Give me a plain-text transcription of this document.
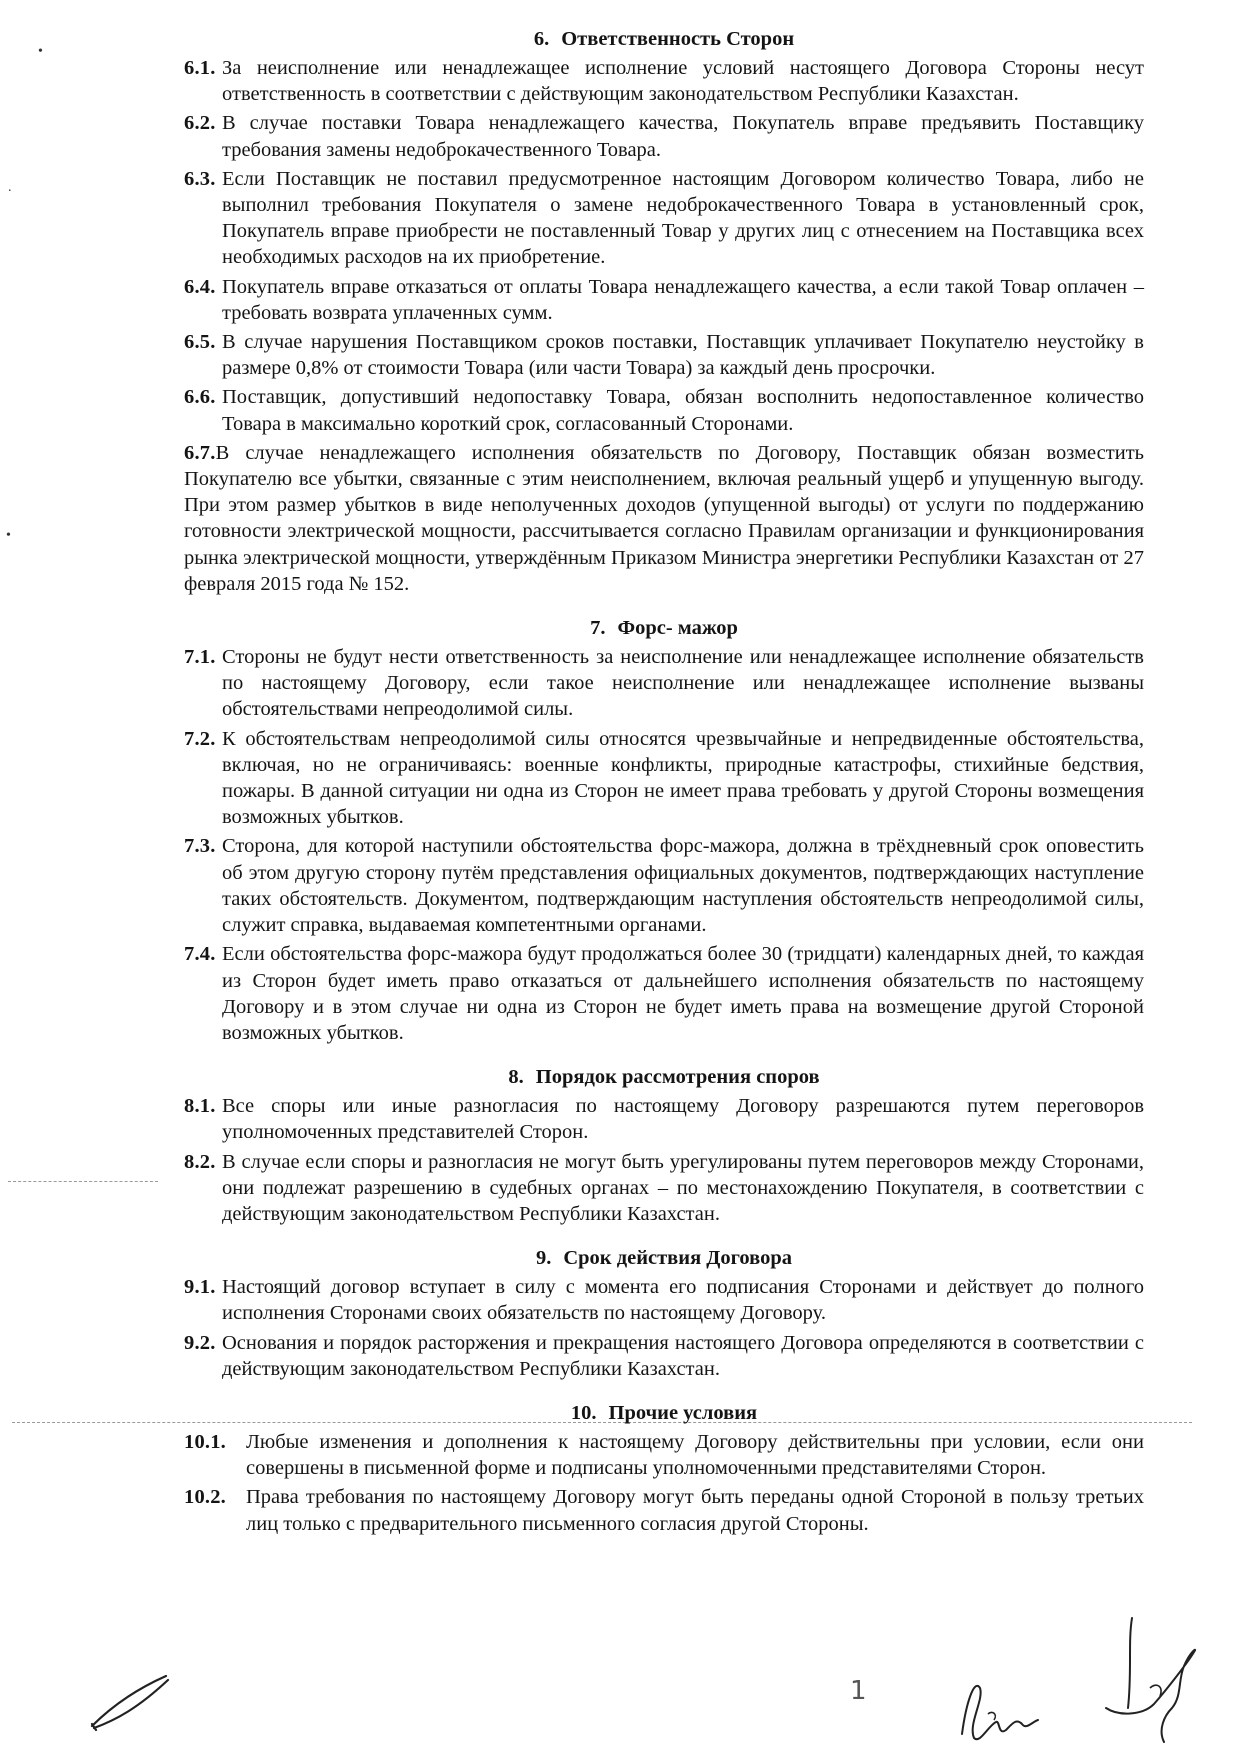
•
.
•
6. Ответственность Сторон
6.1. За неисполнение или ненадлежащее исполнение условий настоящего Договора Стороны несут ответственность в соответствии с действующим законодательством Республики Казахстан.
6.2. В случае поставки Товара ненадлежащего качества, Покупатель вправе предъявить Поставщику требования замены недоброкачественного Товара.
6.3. Если Поставщик не поставил предусмотренное настоящим Договором количество Товара, либо не выполнил требования Покупателя о замене недоброкачественного Товара в установленный срок, Покупатель вправе приобрести не поставленный Товар у других лиц с отнесением на Поставщика всех необходимых расходов на их приобретение.
6.4. Покупатель вправе отказаться от оплаты Товара ненадлежащего качества, а если такой Товар оплачен – требовать возврата уплаченных сумм.
6.5. В случае нарушения Поставщиком сроков поставки, Поставщик уплачивает Покупателю неустойку в размере 0,8% от стоимости Товара (или части Товара) за каждый день просрочки.
6.6. Поставщик, допустивший недопоставку Товара, обязан восполнить недопоставленное количество Товара в максимально короткий срок, согласованный Сторонами.
6.7.В случае ненадлежащего исполнения обязательств по Договору, Поставщик обязан возместить Покупателю все убытки, связанные с этим неисполнением, включая реальный ущерб и упущенную выгоду. При этом размер убытков в виде неполученных доходов (упущенной выгоды) от услуги по поддержанию готовности электрической мощности, рассчитывается согласно Правилам организации и функционирования рынка электрической мощности, утверждённым Приказом Министра энергетики Республики Казахстан от 27 февраля 2015 года № 152.
7. Форс- мажор
7.1. Стороны не будут нести ответственность за неисполнение или ненадлежащее исполнение обязательств по настоящему Договору, если такое неисполнение или ненадлежащее исполнение вызваны обстоятельствами непреодолимой силы.
7.2. К обстоятельствам непреодолимой силы относятся чрезвычайные и непредвиденные обстоятельства, включая, но не ограничиваясь: военные конфликты, природные катастрофы, стихийные бедствия, пожары. В данной ситуации ни одна из Сторон не имеет права требовать у другой Стороны возмещения возможных убытков.
7.3. Сторона, для которой наступили обстоятельства форс-мажора, должна в трёхдневный срок оповестить об этом другую сторону путём представления официальных документов, подтверждающих наступление таких обстоятельств. Документом, подтверждающим наступления обстоятельств непреодолимой силы, служит справка, выдаваемая компетентными органами.
7.4. Если обстоятельства форс-мажора будут продолжаться более 30 (тридцати) календарных дней, то каждая из Сторон будет иметь право отказаться от дальнейшего исполнения обязательств по настоящему Договору и в этом случае ни одна из Сторон не будет иметь права на возмещение другой Стороной возможных убытков.
8. Порядок рассмотрения споров
8.1. Все споры или иные разногласия по настоящему Договору разрешаются путем переговоров уполномоченных представителей Сторон.
8.2. В случае если споры и разногласия не могут быть урегулированы путем переговоров между Сторонами, они подлежат разрешению в судебных органах – по местонахождению Покупателя, в соответствии с действующим законодательством Республики Казахстан.
9. Срок действия Договора
9.1. Настоящий договор вступает в силу с момента его подписания Сторонами и действует до полного исполнения Сторонами своих обязательств по настоящему Договору.
9.2. Основания и порядок расторжения и прекращения настоящего Договора определяются в соответствии с действующим законодательством Республики Казахстан.
10. Прочие условия
10.1. Любые изменения и дополнения к настоящему Договору действительны при условии, если они совершены в письменной форме и подписаны уполномоченными представителями Сторон.
10.2. Права требования по настоящему Договору могут быть переданы одной Стороной в пользу третьих лиц только с предварительного письменного согласия другой Стороны.
1
